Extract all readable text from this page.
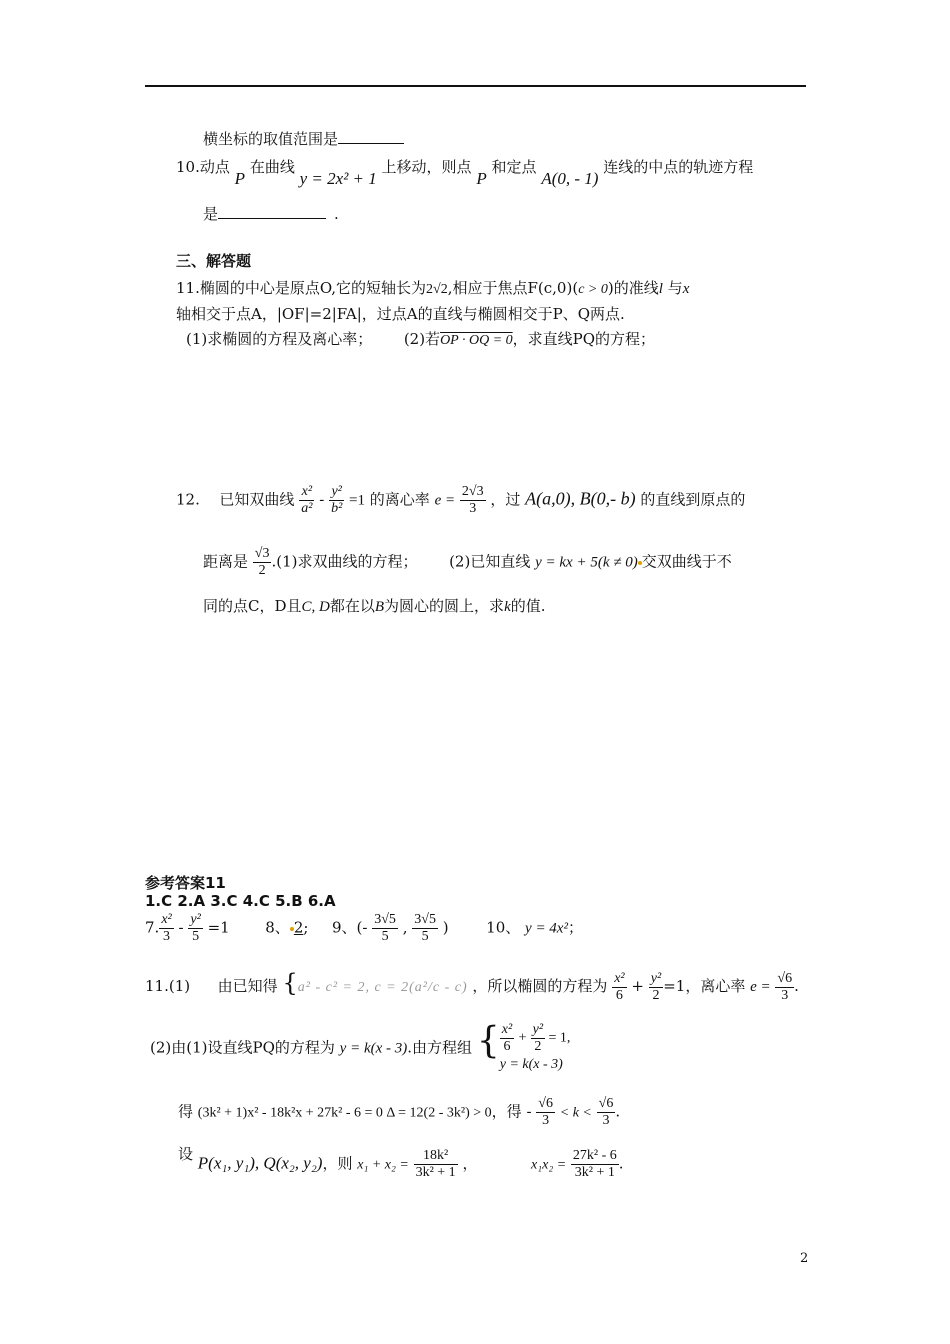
横坐标的取值范围是
10.动点 P 在曲线 y = 2x² + 1 上移动，则点 P 和定点 A(0, - 1) 连线的中点的轨迹方程
是	.
三、解答题
11.椭圆的中心是原点O,它的短轴长为2√2,相应于焦点F(c,0)(c > 0)的准线l 与x
轴相交于点A，|OF|=2|FA|，过点A的直线与椭圆相交于P、Q两点.
(1)求椭圆的方程及离心率； (2)若OP · OQ = 0，求直线PQ的方程；
12. 已知双曲线 $\frac{\text{x²}}{\text{a²}} - \frac{\text{y²}}{\text{b²}} =1$ 的离心率 $e = \frac{2√3}{3}$ ，过 A(a,0), B(0,- b) 的直线到原点的
距离是 $\frac{√3}{2} .(1)$求双曲线的方程； (2)已知直线 y = kx + 5(k ≠ 0) 交双曲线于不
同的点C，D且C, D都在以B为圆心的圆上，求k的值.
参考答案11
1.C 2.A 3.C 4.C 5.B 6.A
7. $\frac{\text{x²}}{3} - \frac{\text{y²}}{5} =1$ 8、 2; 9、(- $\frac{3√5}{5}$ , $\frac{3√5}{5}$ )	10、 y = 4x²；
11.(1) 由已知得 {a² - c² = 2, c = 2(a²/c - c) ，所以椭圆的方程为 $\frac{\text{x²}}{6} + \frac{\text{y²}}{2} =1$，离心率 $e = \frac{√6}{3}$ .
(2)由(1)设直线PQ的方程为 y = k(x - 3).由方程组 { $\frac{\text{x²}}{6} + \frac{\text{y²}}{2} = 1$,
y = k(x - 3)
得 (3k² + 1)x² - 18k²x + 27k² - 6 = 0 Δ = 12(2 - 3k²) > 0，得 - $\frac{√6}{3} < k < \frac{√6}{3}$ .
设 P(x₁, y₁), Q(x₂, y₂)，则 $x_1 + x_2 = \frac{\text{18k²}}{\text{3k² + 1}}$ ，	$x_1x_2 = \frac{\text{27k² - 6}}{\text{3k² + 1}}$ .
2
